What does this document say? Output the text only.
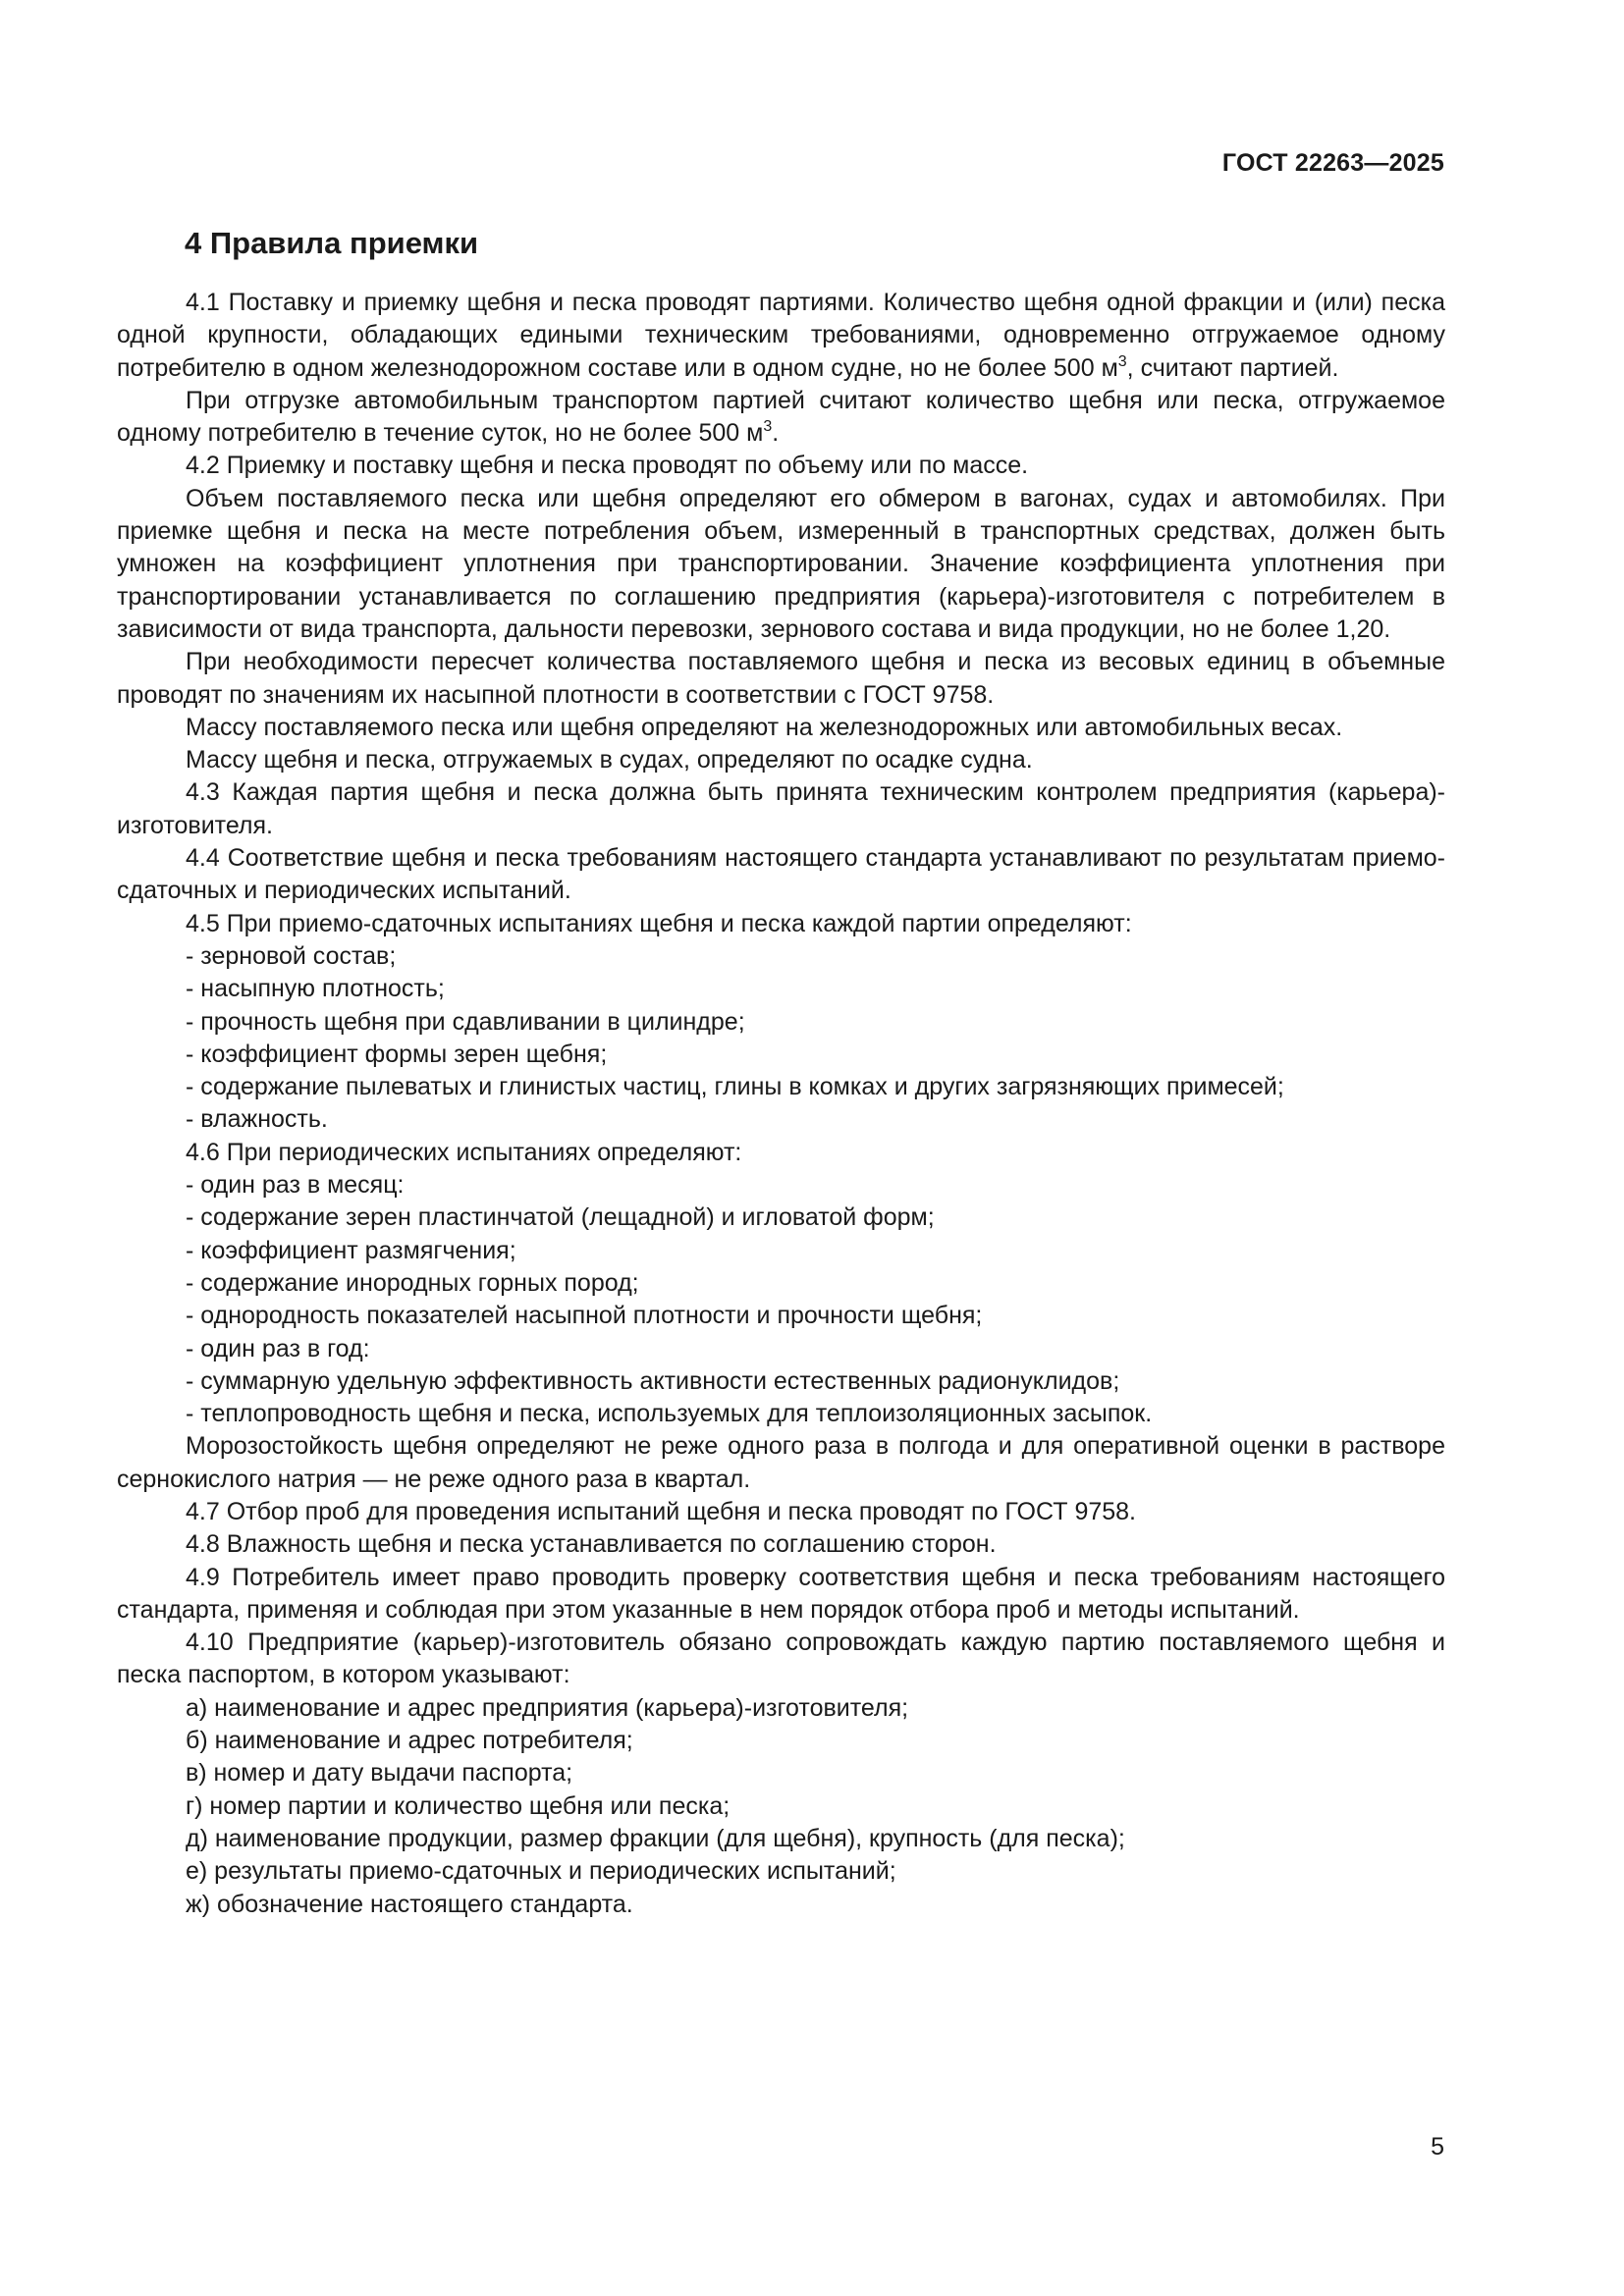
ГОСТ 22263—2025
4 Правила приемки

4.1 Поставку и приемку щебня и песка проводят партиями. Количество щебня одной фракции и (или) песка одной крупности, обладающих едиными техническим требованиями, одновременно отгружаемое одному потребителю в одном железнодорожном составе или в одном судне, но не более 500 $м^3$, считают партией.

При отгрузке автомобильным транспортом партией считают количество щебня или песка, отгружаемое одному потребителю в течение суток, но не более 500 $м^3$.

4.2 Приемку и поставку щебня и песка проводят по объему или по массе.

Объем поставляемого песка или щебня определяют его обмером в вагонах, судах и автомобилях. При приемке щебня и песка на месте потребления объем, измеренный в транспортных средствах, должен быть умножен на коэффициент уплотнения при транспортировании. Значение коэффициента уплотнения при транспортировании устанавливается по соглашению предприятия (карьера)-изготовителя с потребителем в зависимости от вида транспорта, дальности перевозки, зернового состава и вида продукции, но не более 1,20.

При необходимости пересчет количества поставляемого щебня и песка из весовых единиц в объемные проводят по значениям их насыпной плотности в соответствии с ГОСТ 9758.

Массу поставляемого песка или щебня определяют на железнодорожных или автомобильных весах.

Массу щебня и песка, отгружаемых в судах, определяют по осадке судна.

4.3 Каждая партия щебня и песка должна быть принята техническим контролем предприятия (карьера)-изготовителя.

4.4 Соответствие щебня и песка требованиям настоящего стандарта устанавливают по результатам приемо-сдаточных и периодических испытаний.

4.5 При приемо-сдаточных испытаниях щебня и песка каждой партии определяют:

- зерновой состав;

- насыпную плотность;

- прочность щебня при сдавливании в цилиндре;

- коэффициент формы зерен щебня;

- содержание пылеватых и глинистых частиц, глины в комках и других загрязняющих примесей;

- влажность.

4.6 При периодических испытаниях определяют:

- один раз в месяц:

- содержание зерен пластинчатой (лещадной) и игловатой форм;

- коэффициент размягчения;

- содержание инородных горных пород;

- однородность показателей насыпной плотности и прочности щебня;

- один раз в год:

- суммарную удельную эффективность активности естественных радионуклидов;

- теплопроводность щебня и песка, используемых для теплоизоляционных засыпок.

Морозостойкость щебня определяют не реже одного раза в полгода и для оперативной оценки в растворе сернокислого натрия — не реже одного раза в квартал.

4.7 Отбор проб для проведения испытаний щебня и песка проводят по ГОСТ 9758.

4.8 Влажность щебня и песка устанавливается по соглашению сторон.

4.9 Потребитель имеет право проводить проверку соответствия щебня и песка требованиям настоящего стандарта, применяя и соблюдая при этом указанные в нем порядок отбора проб и методы испытаний.

4.10 Предприятие (карьер)-изготовитель обязано сопровождать каждую партию поставляемого щебня и песка паспортом, в котором указывают:

а) наименование и адрес предприятия (карьера)-изготовителя;

б) наименование и адрес потребителя;

в) номер и дату выдачи паспорта;

г) номер партии и количество щебня или песка;

д) наименование продукции, размер фракции (для щебня), крупность (для песка);

е) результаты приемо-сдаточных и периодических испытаний;

ж) обозначение настоящего стандарта.

5
